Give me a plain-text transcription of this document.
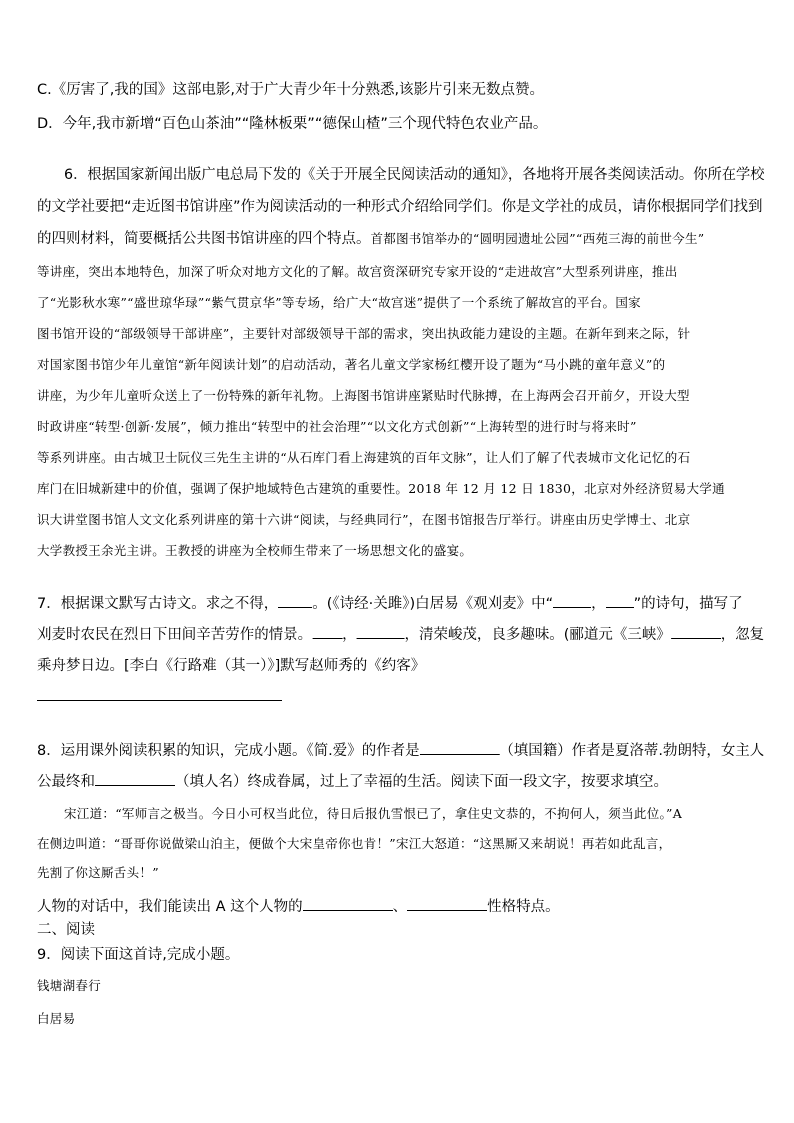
C.《厉害了,我的国》这部电影,对于广大青少年十分熟悉,该影片引来无数点赞。
D．今年,我市新增“百色山茶油”“隆林板栗”“德保山楂”三个现代特色农业产品。
6．根据国家新闻出版广电总局下发的《关于开展全民阅读活动的通知》，各地将开展各类阅读活动。你所在学校
的文学社要把“走近图书馆讲座”作为阅读活动的一种形式介绍给同学们。你是文学社的成员，请你根据同学们找到
的四则材料，简要概括公共图书馆讲座的四个特点。首都图书馆举办的“圆明园遗址公园”“西苑三海的前世今生”
等讲座，突出本地特色，加深了听众对地方文化的了解。故宫资深研究专家开设的“走进故宫”大型系列讲座，推出
了“光影秋水寒”“盛世琼华琭”“紫气贯京华”等专场，给广大“故宫迷”提供了一个系统了解故宫的平台。国家
图书馆开设的“部级领导干部讲座”，主要针对部级领导干部的需求，突出执政能力建设的主题。在新年到来之际，针
对国家图书馆少年儿童馆“新年阅读计划”的启动活动，著名儿童文学家杨红樱开设了题为“马小跳的童年意义”的
讲座，为少年儿童听众送上了一份特殊的新年礼物。上海图书馆讲座紧贴时代脉搏，在上海两会召开前夕，开设大型
时政讲座“转型·创新·发展”，倾力推出“转型中的社会治理”“以文化方式创新”“上海转型的进行时与将来时”
等系列讲座。由古城卫士阮仪三先生主讲的“从石库门看上海建筑的百年文脉”，让人们了解了代表城市文化记忆的石
库门在旧城新建中的价值，强调了保护地域特色古建筑的重要性。2018 年 12 月 12 日 1830，北京对外经济贸易大学通
识大讲堂图书馆人文文化系列讲座的第十六讲“阅读，与经典同行”，在图书馆报告厅举行。讲座由历史学博士、北京
大学教授王余光主讲。王教授的讲座为全校师生带来了一场思想文化的盛宴。
7．根据课文默写古诗文。求之不得， 。(《诗经·关雎》)白居易《观刈麦》中“	， ”的诗句，描写了
刈麦时农民在烈日下田间辛苦劳作的情景。 ，	，清荣峻茂，良多趣味。(郦道元《三峡》	，忽复
乘舟梦日边。[李白《行路难（其一）》]默写赵师秀的《约客》
8．运用课外阅读积累的知识，完成小题。《简.爱》的作者是	（填国籍）作者是夏洛蒂.勃朗特，女主人
公最终和	（填人名）终成眷属，过上了幸福的生活。阅读下面一段文字，按要求填空。
宋江道：“军师言之极当。今日小可权当此位，待日后报仇雪恨已了，拿住史文恭的，不拘何人，须当此位。”A
在侧边叫道：“哥哥你说做梁山泊主，便做个大宋皇帝你也肯！”宋江大怒道：“这黑厮又来胡说！再若如此乱言，
先割了你这厮舌头！”
人物的对话中，我们能读出 A 这个人物的	、	性格特点。
二、阅读
9．阅读下面这首诗,完成小题。
钱塘湖春行
白居易
